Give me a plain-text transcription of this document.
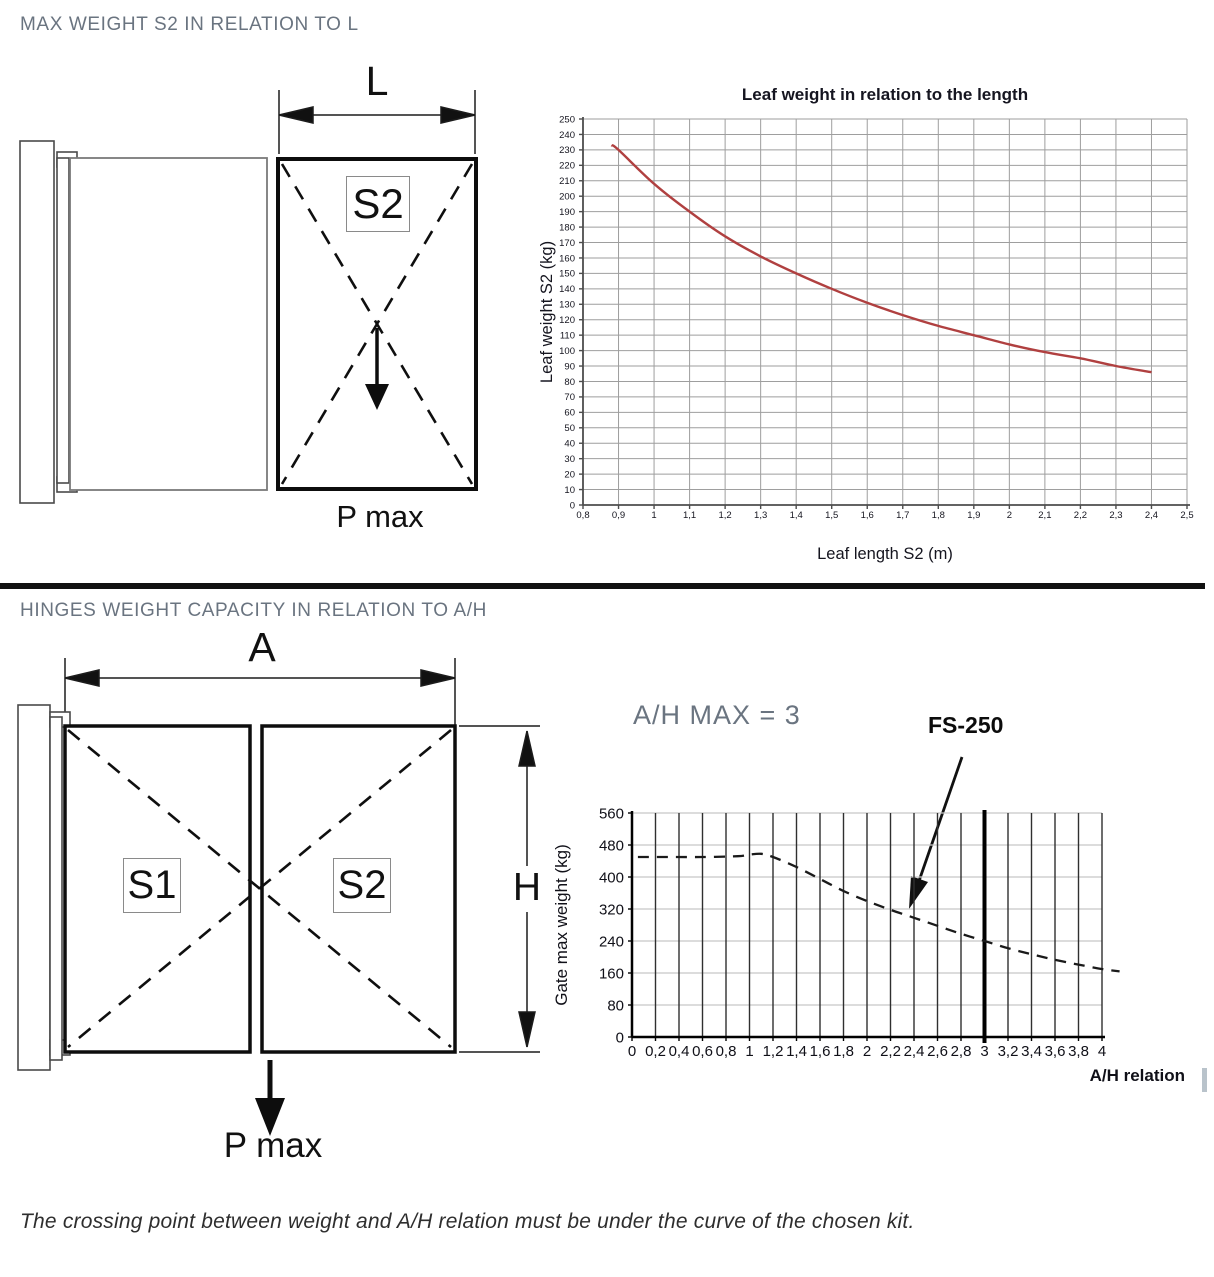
MAX WEIGHT S2 IN RELATION TO L
S2
L
P max
Leaf weight in relation to the length
0
10
20
30
40
50
60
70
80
90
100
110
120
130
140
150
160
170
180
190
200
210
220
230
240
250
0,8 0,9	1	1,1 1,2 1,3 1,4 1,5 1,6 1,7 1,8 1,9	2	2,1 2,2 2,3 2,4 2,5
Leaf weight S2 (kg)
Leaf length S2 (m)
HINGES WEIGHT CAPACITY IN RELATION TO A/H
A
S1	S2	H
P max
A/H MAX = 3	FS-250
0
80
160
240
320
400
480
560
0 0,2 0,4 0,6 0,8 1 1,2 1,4 1,6 1,8 2 2,2 2,4 2,6 2,8 3 3,2 3,4 3,6 3,8 4
Gate max weight (kg)
A/H relation
The crossing point between weight and A/H relation must be under the curve of the chosen kit.
